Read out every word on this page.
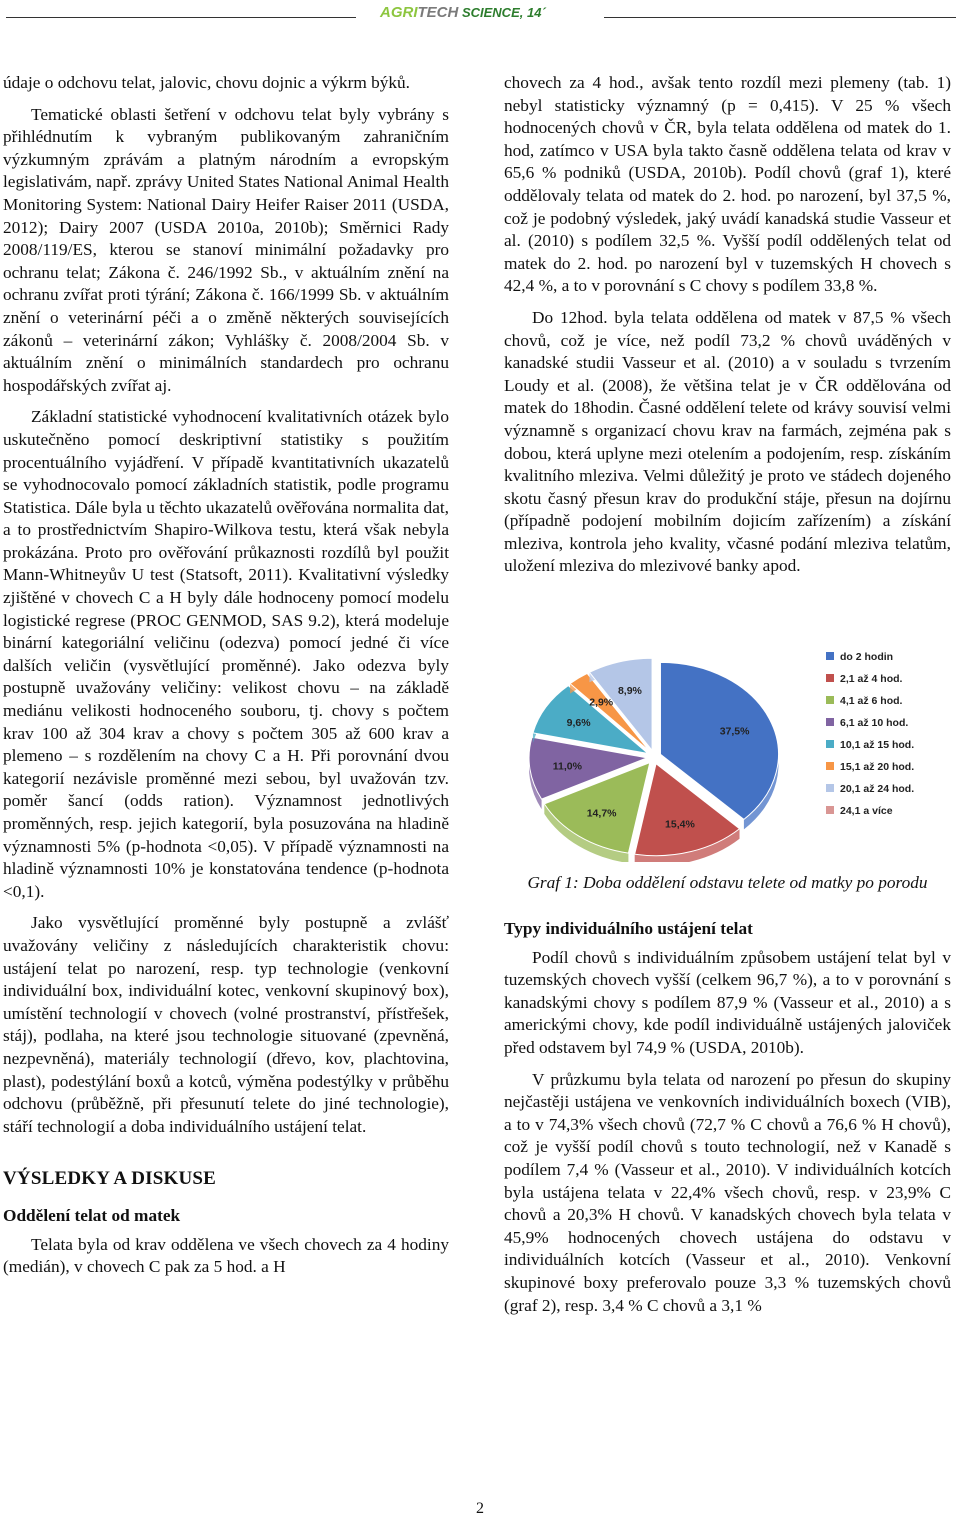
AGRITECH SCIENCE, 14´

údaje o odchovu telat, jalovic, chovu dojnic a výkrm býků.

Tematické oblasti šetření v odchovu telat byly vybrány s přihlédnutím k vybraným publikovaným zahraničním výzkumným zprávám a platným národním a evropským legislativám, např. zprávy United States National Animal Health Monitoring System: National Dairy Heifer Raiser 2011 (USDA, 2012); Dairy 2007 (USDA 2010a, 2010b); Směrnici Rady 2008/119/ES, kterou se stanoví minimální požadavky pro ochranu telat; Zákona č. 246/1992 Sb., v aktuálním znění na ochranu zvířat proti týrání; Zákona č. 166/1999 Sb. v aktuálním znění o veterinární péči a o změně některých souvisejících zákonů – veterinární zákon; Vyhlášky č. 2008/2004 Sb. v aktuálním znění o minimálních standardech pro ochranu hospodářských zvířat aj.

Základní statistické vyhodnocení kvalitativních otázek bylo uskutečněno pomocí deskriptivní statistiky s použitím procentuálního vyjádření. V případě kvantitativních ukazatelů se vyhodnocovalo pomocí základních statistik, podle programu Statistica. Dále byla u těchto ukazatelů ověřována normalita dat, a to prostřednictvím Shapiro-Wilkova testu, která však nebyla prokázána. Proto pro ověřování průkaznosti rozdílů byl použit Mann-Whitneyův U test (Statsoft, 2011). Kvalitativní výsledky zjištěné v chovech C a H byly dále hodnoceny pomocí modelu logistické regrese (PROC GENMOD, SAS 9.2), která modeluje binární kategoriální veličinu (odezva) pomocí jedné či více dalších veličin (vysvětlující proměnné). Jako odezva byly postupně uvažovány veličiny: velikost chovu – na základě mediánu velikosti hodnoceného souboru, tj. chovy s počtem krav 100 až 304 krav a chovy s počtem 305 až 600 krav a plemeno – s rozdělením na chovy C a H. Při porovnání dvou kategorií nezávisle proměnné mezi sebou, byl uvažován tzv. poměr šancí (odds ration). Významnost jednotlivých proměnných, resp. jejich kategorií, byla posuzována na hladině významnosti 5% (p-hodnota <0,05). V případě významnosti na hladině významnosti 10% je konstatována tendence (p-hodnota <0,1).

Jako vysvětlující proměnné byly postupně a zvlášť uvažovány veličiny z následujících charakteristik chovu: ustájení telat po narození, resp. typ technologie (venkovní individuální box, individuální kotec, venkovní skupinový box), umístění technologií v chovech (volné prostranství, přístřešek, stáj), podlaha, na které jsou technologie situované (zpevněná, nezpevněná), materiály technologií (dřevo, kov, plachtovina, plast), podestýlání boxů a kotců, výměna podestýlky v průběhu odchovu (průběžně, při přesunutí telete do jiné technologie), stáří technologií a doba individuálního ustájení telat.

VÝSLEDKY A DISKUSE
Oddělení telat od matek

Telata byla od krav oddělena ve všech chovech za 4 hodiny (medián), v chovech C pak za 5 hod. a H

chovech za 4 hod., avšak tento rozdíl mezi plemeny (tab. 1) nebyl statisticky významný (p = 0,415). V 25 % všech hodnocených chovů v ČR, byla telata oddělena od matek do 1. hod, zatímco v USA byla takto časně oddělena telata od krav v 65,6 % podniků (USDA, 2010b). Podíl chovů (graf 1), které oddělovaly telata od matek do 2. hod. po narození, byl 37,5 %, což je podobný výsledek, jaký uvádí kanadská studie Vasseur et al. (2010) s podílem 32,5 %. Vyšší podíl oddělených telat od matek do 2. hod. po narození byl v tuzemských H chovech s 42,4 %, a to v porovnání s C chovy s podílem 33,8 %.

Do 12hod. byla telata oddělena od matek v 87,5 % všech chovů, což je více, než podíl 73,2 % chovů uváděných v kanadské studii Vasseur et al. (2010) a v souladu s tvrzením Loudy et al. (2008), že většina telat je v ČR oddělována od matek do 18hodin. Časné oddělení telete od krávy souvisí velmi významně s organizací chovu krav na farmách, zejména pak s dobou, která uplyne mezi otelením a podojením, resp. získáním kvalitního mleziva. Velmi důležitý je proto ve stádech dojeného skotu časný přesun krav do produkční stáje, přesun na dojírnu (případně podojení mobilním dojicím zařízením) a získání mleziva, kontrola jeho kvality, včasné podání mleziva telatům, uložení mleziva do mlezivové banky apod.

37,5%
15,4%
14,7%
11,0%
9,6%
2,9%
8,9%
do 2 hodin
2,1 až 4 hod.
4,1 až 6 hod.
6,1 až 10 hod.
10,1 až 15 hod.
15,1 až 20 hod.
20,1 až 24 hod.
24,1 a více
Graf 1: Doba oddělení odstavu telete od matky po porodu
Typy individuálního ustájení telat

Podíl chovů s individuálním způsobem ustájení telat byl v tuzemských chovech vyšší (celkem 96,7 %), a to v porovnání s kanadskými chovy s podílem 87,9 % (Vasseur et al., 2010) a s americkými chovy, kde podíl individuálně ustájených jaloviček před odstavem byl 74,9 % (USDA, 2010b).

V průzkumu byla telata od narození po přesun do skupiny nejčastěji ustájena ve venkovních individuálních boxech (VIB), a to v 74,3% všech chovů (72,7 % C chovů a 76,6 % H chovů), což je vyšší podíl chovů s touto technologií, než v Kanadě s podílem 7,4 % (Vasseur et al., 2010). V individuálních kotcích byla ustájena telata v 22,4% všech chovů, resp. v 23,9% C chovů a 20,3% H chovů. V kanadských chovech byla telata v 45,9% hodnocených chovech ustájena do odstavu v individuálních kotcích (Vasseur et al., 2010). Venkovní skupinové boxy preferovalo pouze 3,3 % tuzemských chovů (graf 2), resp. 3,4 % C chovů a 3,1 %

2
